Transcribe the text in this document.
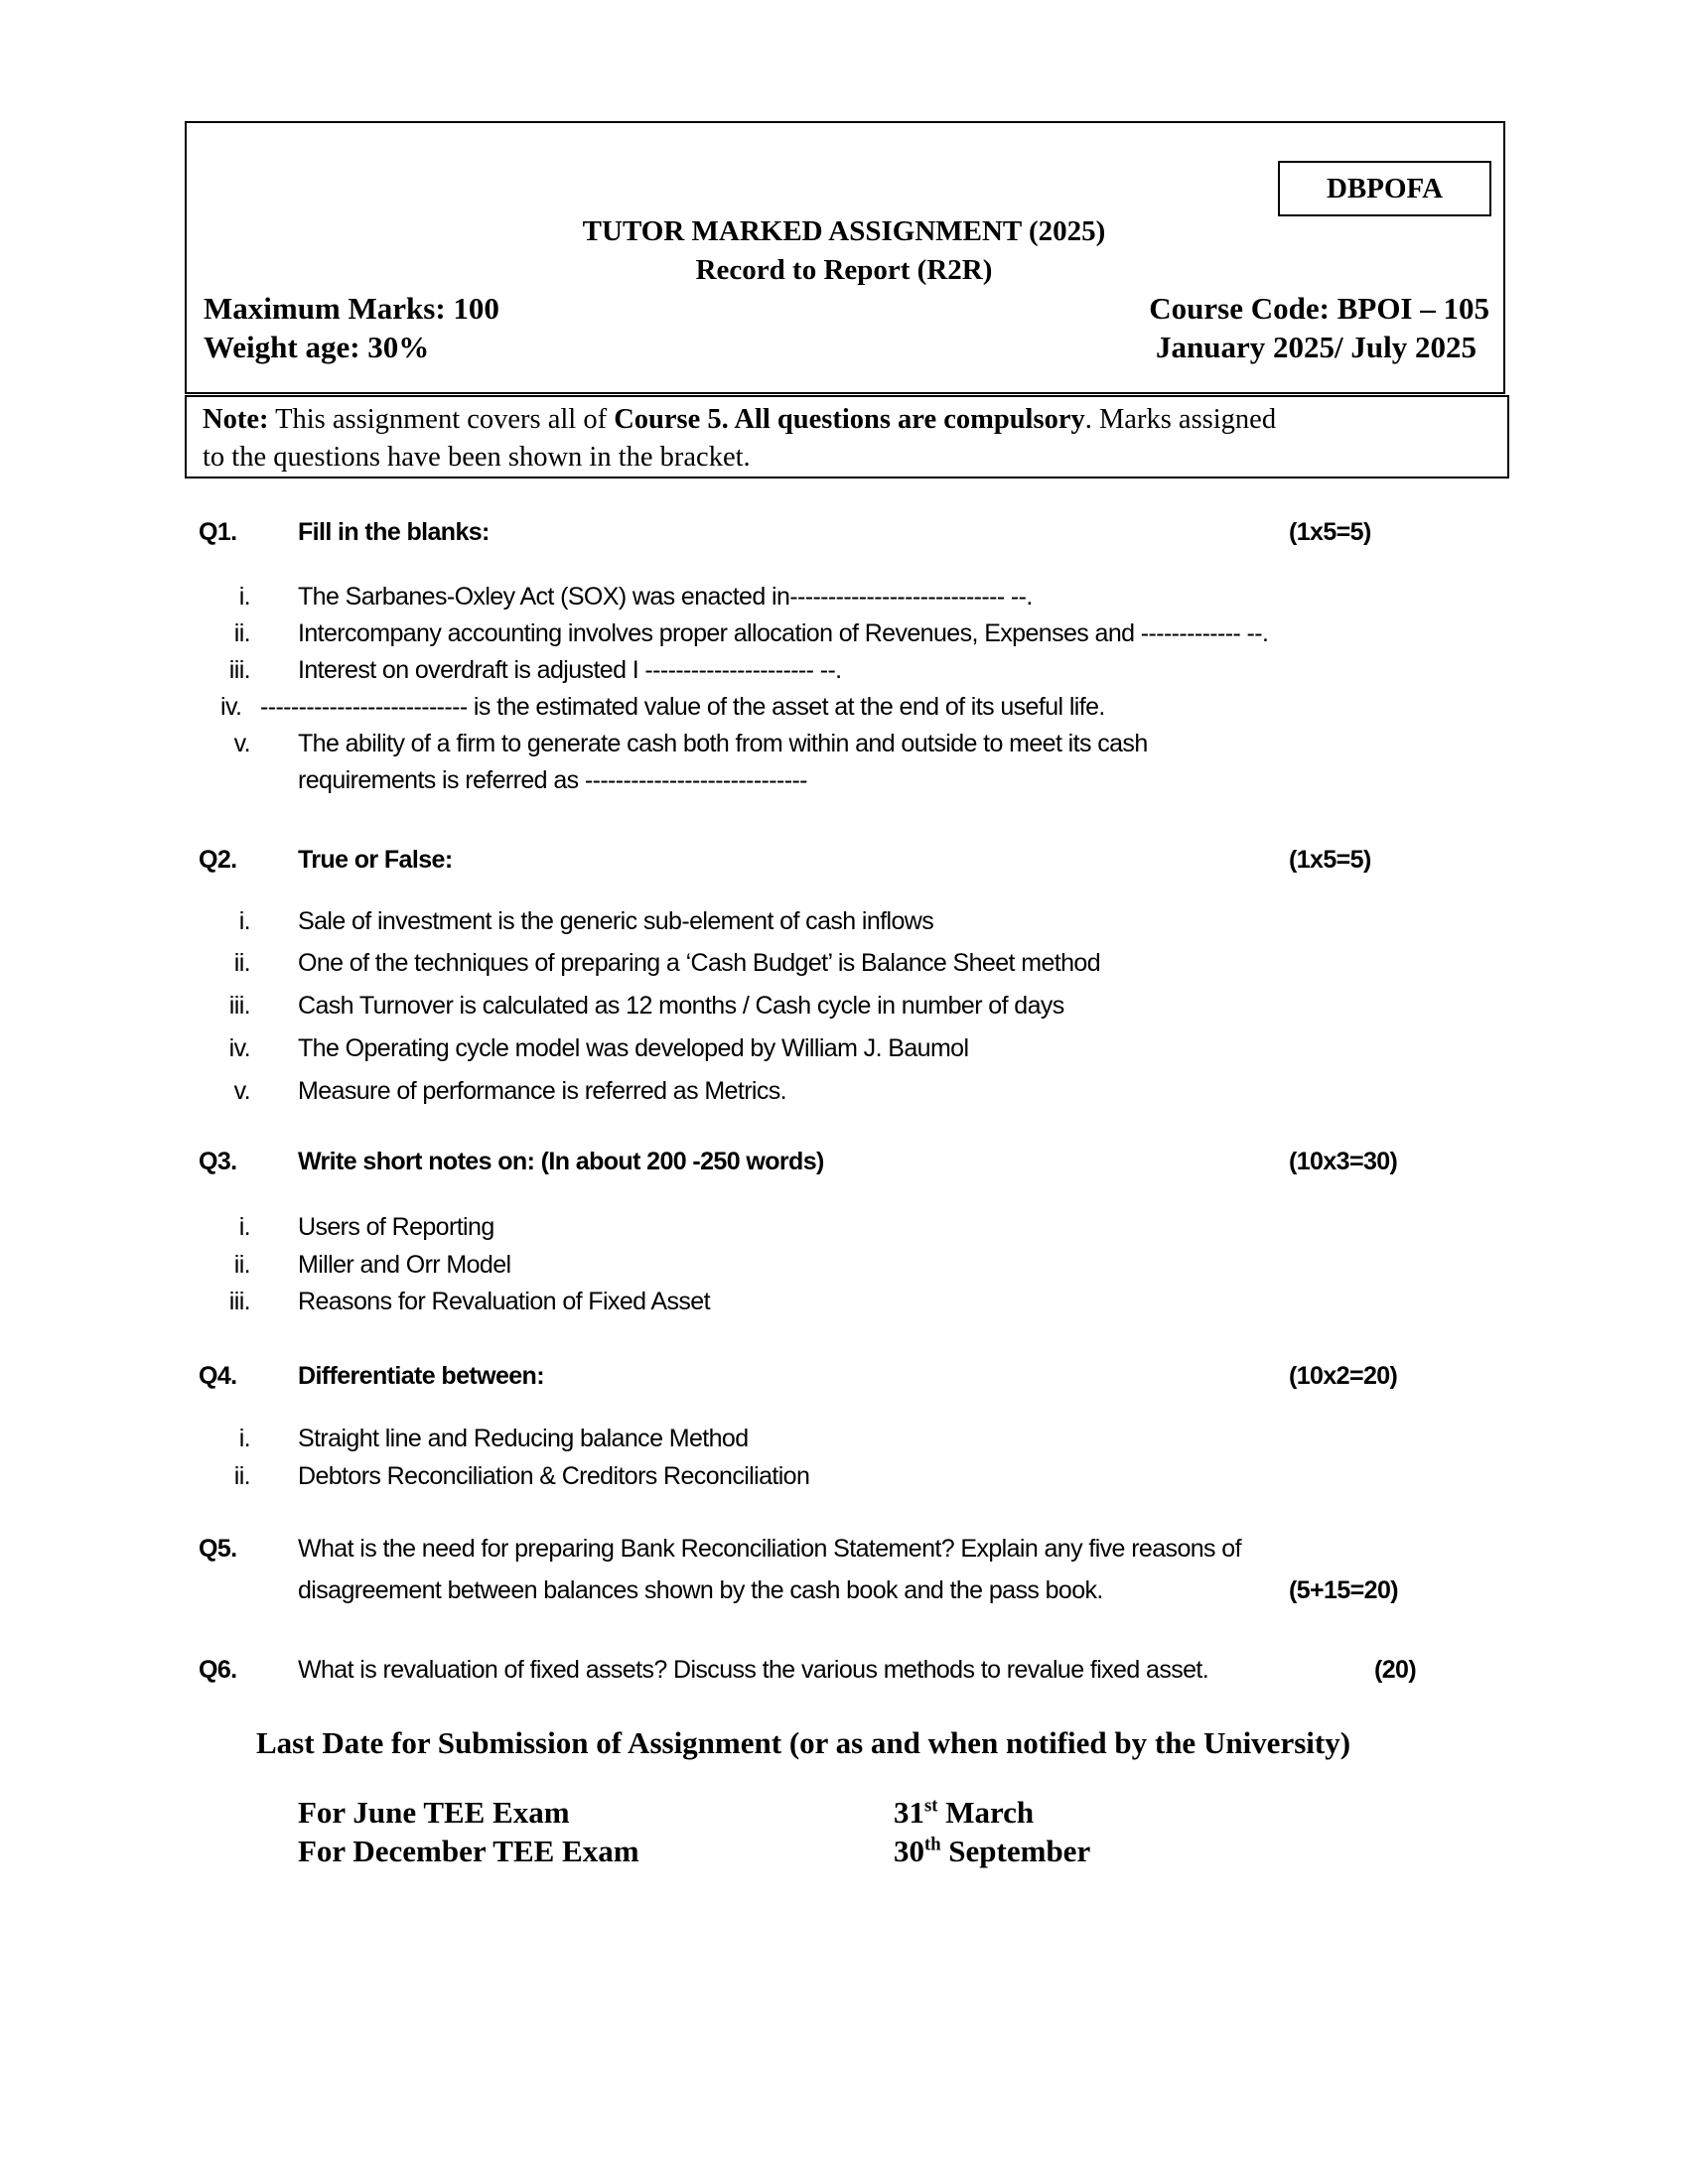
DBPOFA
TUTOR MARKED ASSIGNMENT (2025)
Record to Report (R2R)
Maximum Marks: 100
Weight age: 30%
Course Code: BPOI – 105
January 2025/ July 2025
Note: This assignment covers all of Course 5. All questions are compulsory. Marks assigned
to the questions have been shown in the bracket.
Q1. Fill in the blanks:	(1x5=5)
i. The Sarbanes-Oxley Act (SOX) was enacted in---------------------------- --.
ii. Intercompany accounting involves proper allocation of Revenues, Expenses and ------------- --.
iii. Interest on overdraft is adjusted I ---------------------- --.
iv. --------------------------- is the estimated value of the asset at the end of its useful life.
v. The ability of a firm to generate cash both from within and outside to meet its cash
requirements is referred as -----------------------------
Q2. True or False:	(1x5=5)
i. Sale of investment is the generic sub-element of cash inflows
ii. One of the techniques of preparing a ‘Cash Budget’ is Balance Sheet method
iii. Cash Turnover is calculated as 12 months / Cash cycle in number of days
iv. The Operating cycle model was developed by William J. Baumol
v. Measure of performance is referred as Metrics.
Q3. Write short notes on: (In about 200 -250 words)	(10x3=30)
i. Users of Reporting
ii. Miller and Orr Model
iii. Reasons for Revaluation of Fixed Asset
Q4. Differentiate between:	(10x2=20)
i. Straight line and Reducing balance Method
ii. Debtors Reconciliation & Creditors Reconciliation
Q5. What is the need for preparing Bank Reconciliation Statement? Explain any five reasons of
disagreement between balances shown by the cash book and the pass book.	(5+15=20)
Q6. What is revaluation of fixed assets? Discuss the various methods to revalue fixed asset.	(20)
Last Date for Submission of Assignment (or as and when notified by the University)
For June TEE Exam	31st March
For December TEE Exam	30th September
